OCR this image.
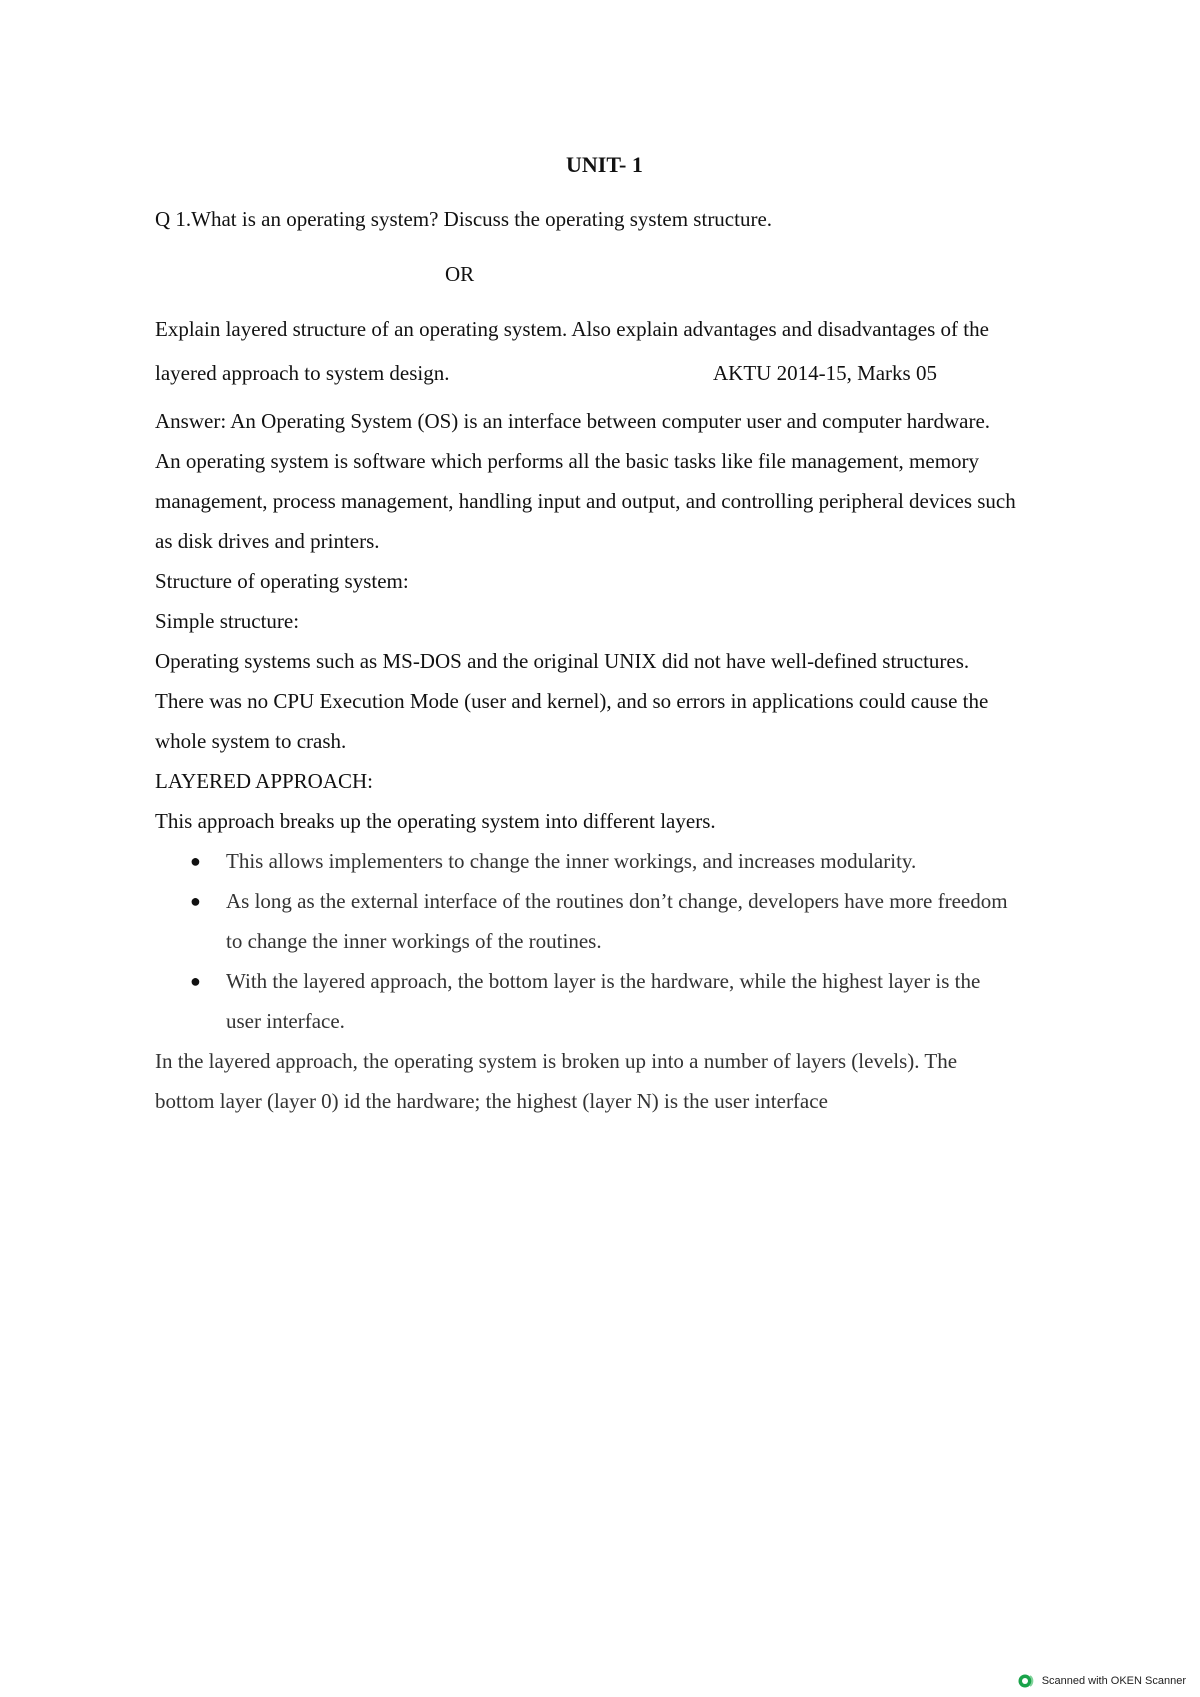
UNIT- 1

Q 1.What is an operating system? Discuss the operating system structure.

OR

Explain layered structure of an operating system. Also explain advantages and disadvantages of the

layered approach to system design.	AKTU 2014-15, Marks 05

Answer: An Operating System (OS) is an interface between computer user and computer hardware.

An operating system is software which performs all the basic tasks like file management, memory

management, process management, handling input and output, and controlling peripheral devices such

as disk drives and printers.

Structure of operating system:

Simple structure:

Operating systems such as MS-DOS and the original UNIX did not have well-defined structures.

There was no CPU Execution Mode (user and kernel), and so errors in applications could cause the

whole system to crash.

LAYERED APPROACH:

This approach breaks up the operating system into different layers.

● This allows implementers to change the inner workings, and increases modularity.

● As long as the external interface of the routines don’t change, developers have more freedom

to change the inner workings of the routines.

● With the layered approach, the bottom layer is the hardware, while the highest layer is the

user interface.

In the layered approach, the operating system is broken up into a number of layers (levels). The

bottom layer (layer 0) id the hardware; the highest (layer N) is the user interface

Scanned with OKEN Scanner
